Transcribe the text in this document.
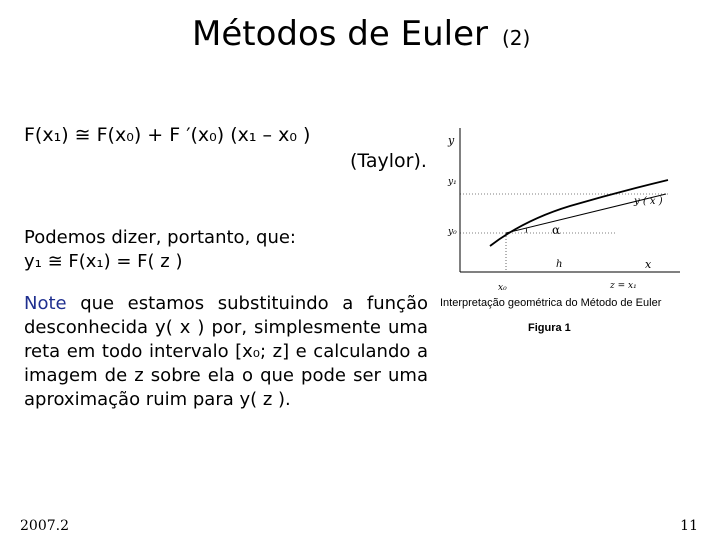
Métodos de Euler (2)
F(x₁) ≅ F(x₀) + F ′(x₀) (x₁ – x₀ )
(Taylor).
Podemos dizer, portanto, que:
y₁ ≅ F(x₁) = F( z )
Note que estamos substituindo a função desconhecida y( x ) por, simplesmente uma reta em todo intervalo [x₀; z] e calculando a imagem de z sobre ela o que pode ser uma aproximação ruim para y( z ).
y
y₁
y₀
y ( x )
α
h	x
x₀	z = x₁
Interpretação geométrica do Método de Euler
Figura 1
2007.2	11
